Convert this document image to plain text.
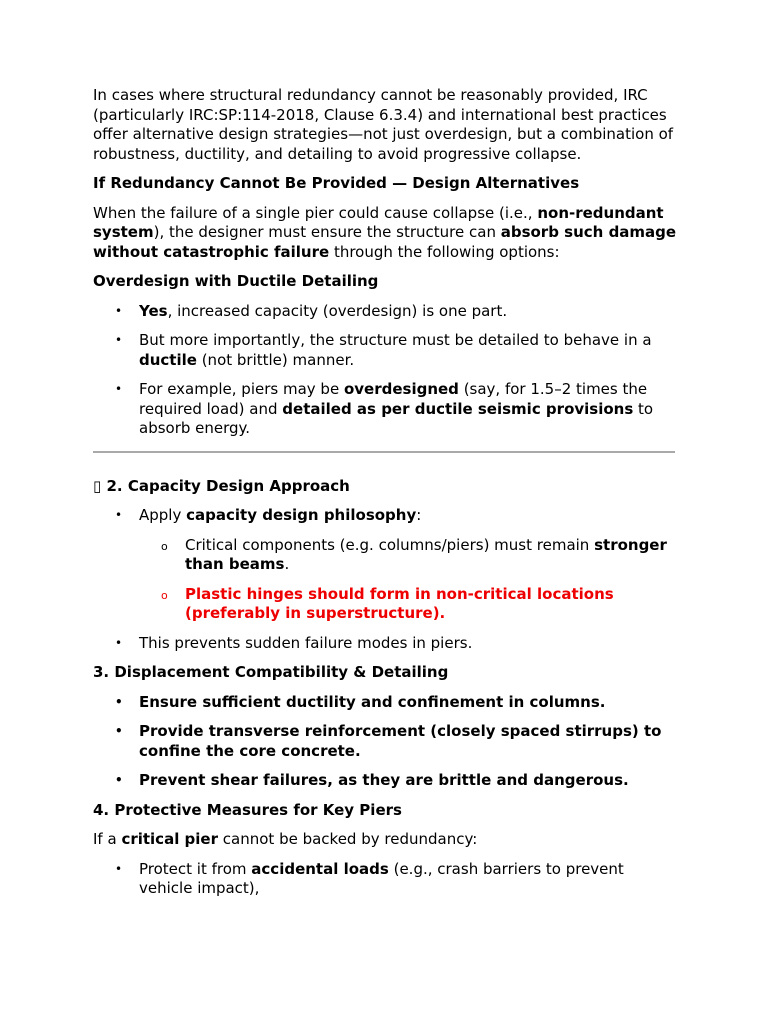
In cases where structural redundancy cannot be reasonably provided, IRC (particularly IRC:SP:114-2018, Clause 6.3.4) and international best practices offer alternative design strategies—not just overdesign, but a combination of robustness, ductility, and detailing to avoid progressive collapse.

If Redundancy Cannot Be Provided — Design Alternatives

When the failure of a single pier could cause collapse (i.e., non-redundant system), the designer must ensure the structure can absorb such damage without catastrophic failure through the following options:

Overdesign with Ductile Detailing
• Yes, increased capacity (overdesign) is one part.
• But more importantly, the structure must be detailed to behave in a ductile (not brittle) manner.
• For example, piers may be overdesigned (say, for 1.5–2 times the required load) and detailed as per ductile seismic provisions to absorb energy.
▯ 2. Capacity Design Approach
• Apply capacity design philosophy:
o Critical components (e.g. columns/piers) must remain stronger than beams.
o Plastic hinges should form in non-critical locations (preferably in superstructure).
• This prevents sudden failure modes in piers.
3. Displacement Compatibility & Detailing
• Ensure sufficient ductility and confinement in columns.
• Provide transverse reinforcement (closely spaced stirrups) to confine the core concrete.
• Prevent shear failures, as they are brittle and dangerous.
4. Protective Measures for Key Piers

If a critical pier cannot be backed by redundancy:

• Protect it from accidental loads (e.g., crash barriers to prevent vehicle impact),
